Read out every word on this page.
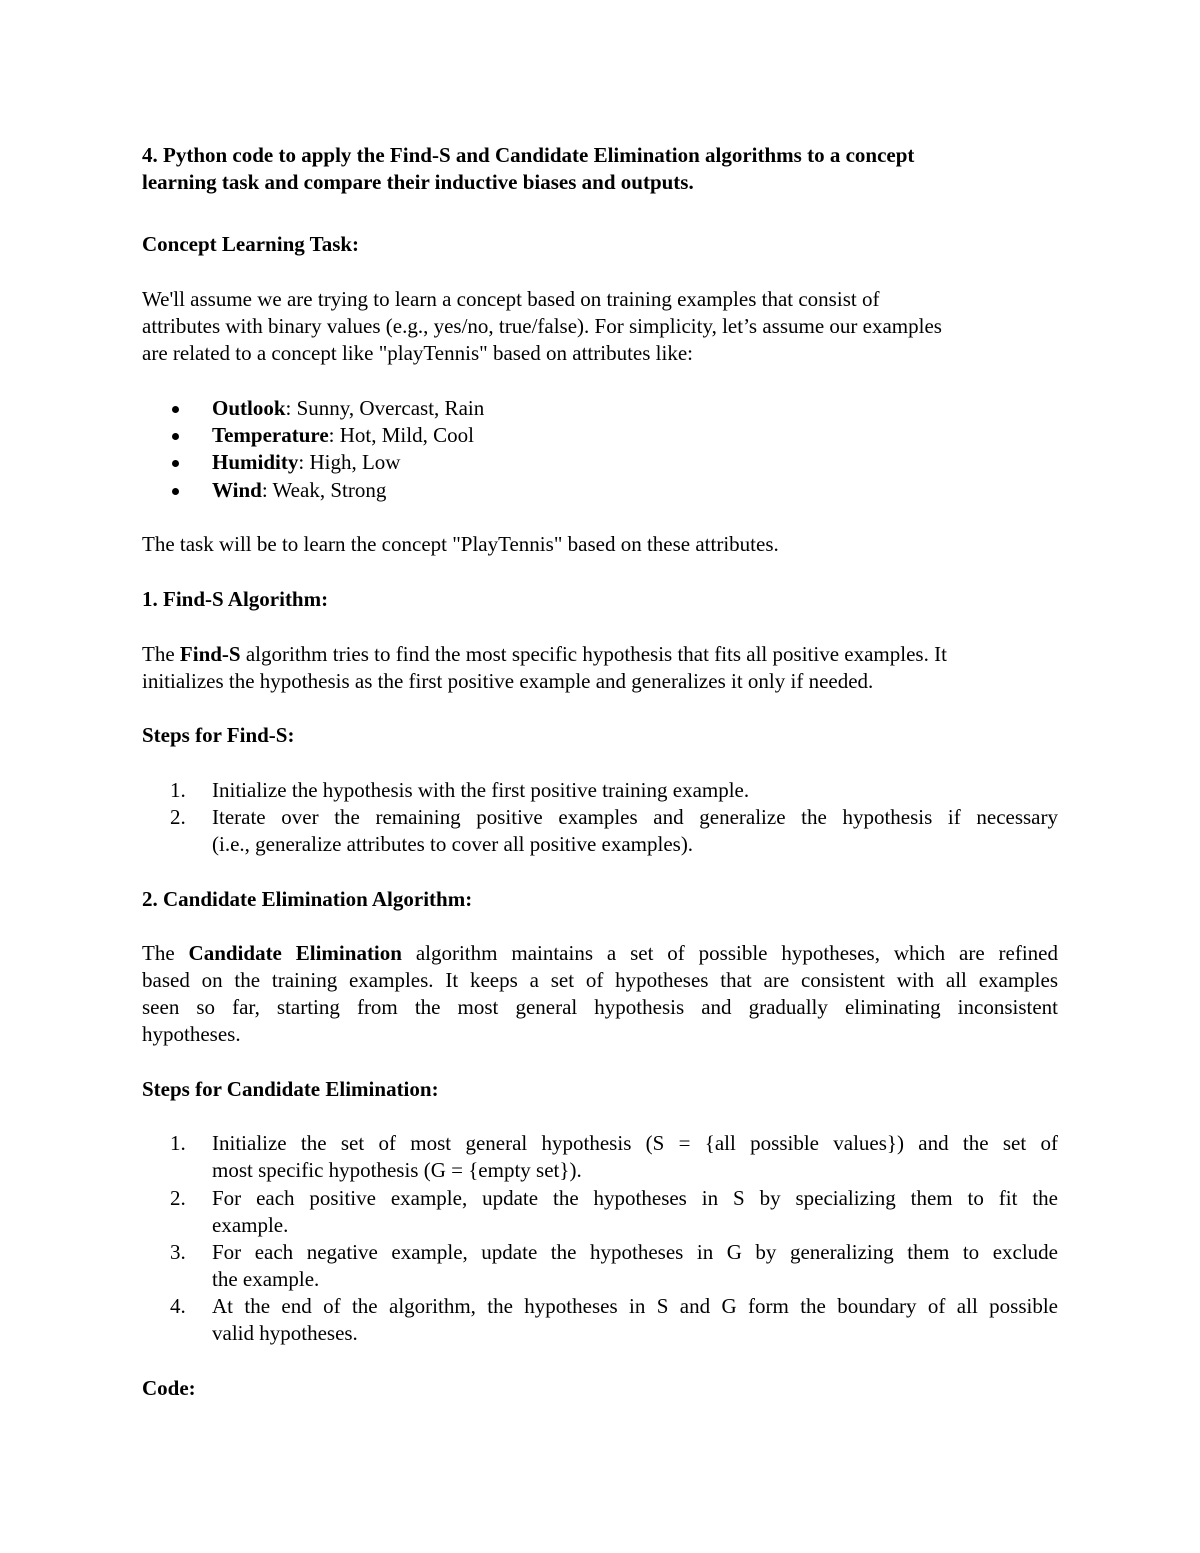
4. Python code to apply the Find-S and Candidate Elimination algorithms to a concept
learning task and compare their inductive biases and outputs.
Concept Learning Task:
We'll assume we are trying to learn a concept based on training examples that consist of
attributes with binary values (e.g., yes/no, true/false). For simplicity, let’s assume our examples
are related to a concept like "playTennis" based on attributes like:
Outlook: Sunny, Overcast, Rain
Temperature: Hot, Mild, Cool
Humidity: High, Low
Wind: Weak, Strong
The task will be to learn the concept "PlayTennis" based on these attributes.
1. Find-S Algorithm:
The Find-S algorithm tries to find the most specific hypothesis that fits all positive examples. It
initializes the hypothesis as the first positive example and generalizes it only if needed.
Steps for Find-S:
1. Initialize the hypothesis with the first positive training example.
2. Iterate over the remaining positive examples and generalize the hypothesis if necessary
(i.e., generalize attributes to cover all positive examples).
2. Candidate Elimination Algorithm:
The Candidate Elimination algorithm maintains a set of possible hypotheses, which are refined
based on the training examples. It keeps a set of hypotheses that are consistent with all examples
seen so far, starting from the most general hypothesis and gradually eliminating inconsistent
hypotheses.
Steps for Candidate Elimination:
1. Initialize the set of most general hypothesis (S = {all possible values}) and the set of
most specific hypothesis (G = {empty set}).
2. For each positive example, update the hypotheses in S by specializing them to fit the
example.
3. For each negative example, update the hypotheses in G by generalizing them to exclude
the example.
4. At the end of the algorithm, the hypotheses in S and G form the boundary of all possible
valid hypotheses.
Code:
